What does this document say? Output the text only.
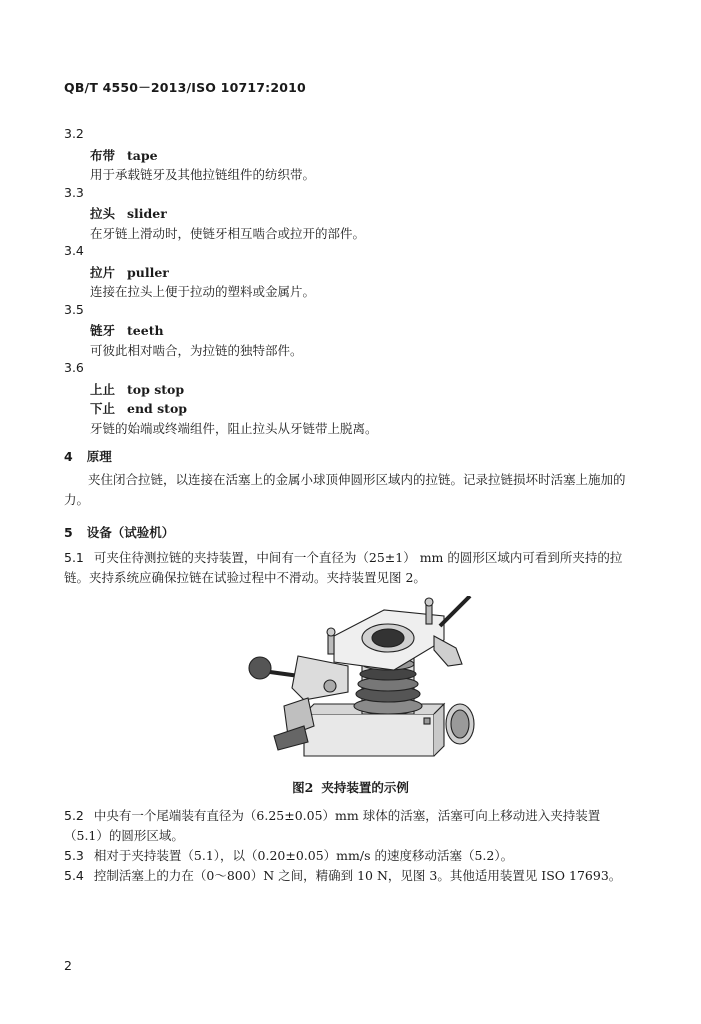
QB/T 4550－2013/ISO 10717:2010
3.2
布带 tape
用于承载链牙及其他拉链组件的纺织带。
3.3
拉头 slider
在牙链上滑动时，使链牙相互啮合或拉开的部件。
3.4
拉片 puller
连接在拉头上便于拉动的塑料或金属片。
3.5
链牙 teeth
可彼此相对啮合，为拉链的独特部件。
3.6
上止 top stop
下止 end stop
牙链的始端或终端组件，阻止拉头从牙链带上脱离。
4 原理
夹住闭合拉链，以连接在活塞上的金属小球顶伸圆形区域内的拉链。记录拉链损坏时活塞上施加的力。
5 设备（试验机）
5.1 可夹住待测拉链的夹持装置，中间有一个直径为（25±1） mm 的圆形区域内可看到所夹持的拉链。夹持系统应确保拉链在试验过程中不滑动。夹持装置见图 2。
图2 夹持装置的示例
5.2 中央有一个尾端装有直径为（6.25±0.05）mm 球体的活塞，活塞可向上移动进入夹持装置（5.1）的圆形区域。
5.3 相对于夹持装置（5.1），以（0.20±0.05）mm/s 的速度移动活塞（5.2）。
5.4 控制活塞上的力在（0～800）N 之间，精确到 10 N，见图 3。其他适用装置见 ISO 17693。
2
